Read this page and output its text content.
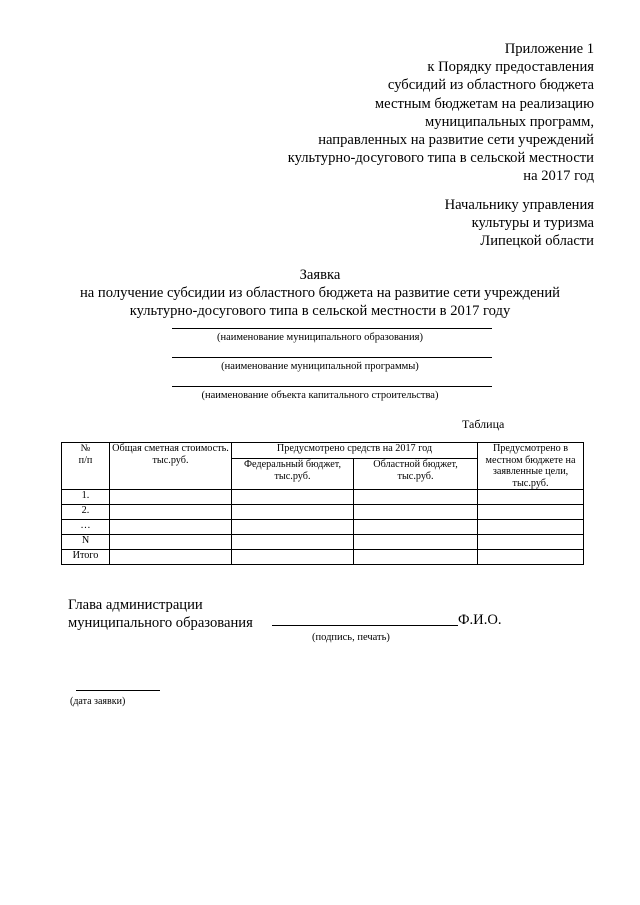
Приложение 1
к Порядку предоставления
субсидий из областного бюджета
местным бюджетам на реализацию
муниципальных программ,
направленных на развитие сети учреждений
культурно-досугового типа в сельской местности
на 2017 год
Начальнику управления
культуры и туризма
Липецкой области
Заявка
на получение субсидии из областного бюджета на развитие сети учреждений
культурно-досугового типа в сельской местности в 2017 году
(наименование муниципального образования)
(наименование муниципальной программы)
(наименование объекта капитального строительства)
Таблица
№
п/п	Общая сметная стоимость. тыс.руб.	Предусмотрено средств на 2017 год		Предусмотрено в местном бюджете на заявленные цели, тыс.руб.
		Федеральный бюджет, тыс.руб.	Областной бюджет, тыс.руб.	
1.				
2.				
…				
N				
Итого				
Глава администрации
муниципального образования	Ф.И.О.
(подпись, печать)
(дата заявки)
